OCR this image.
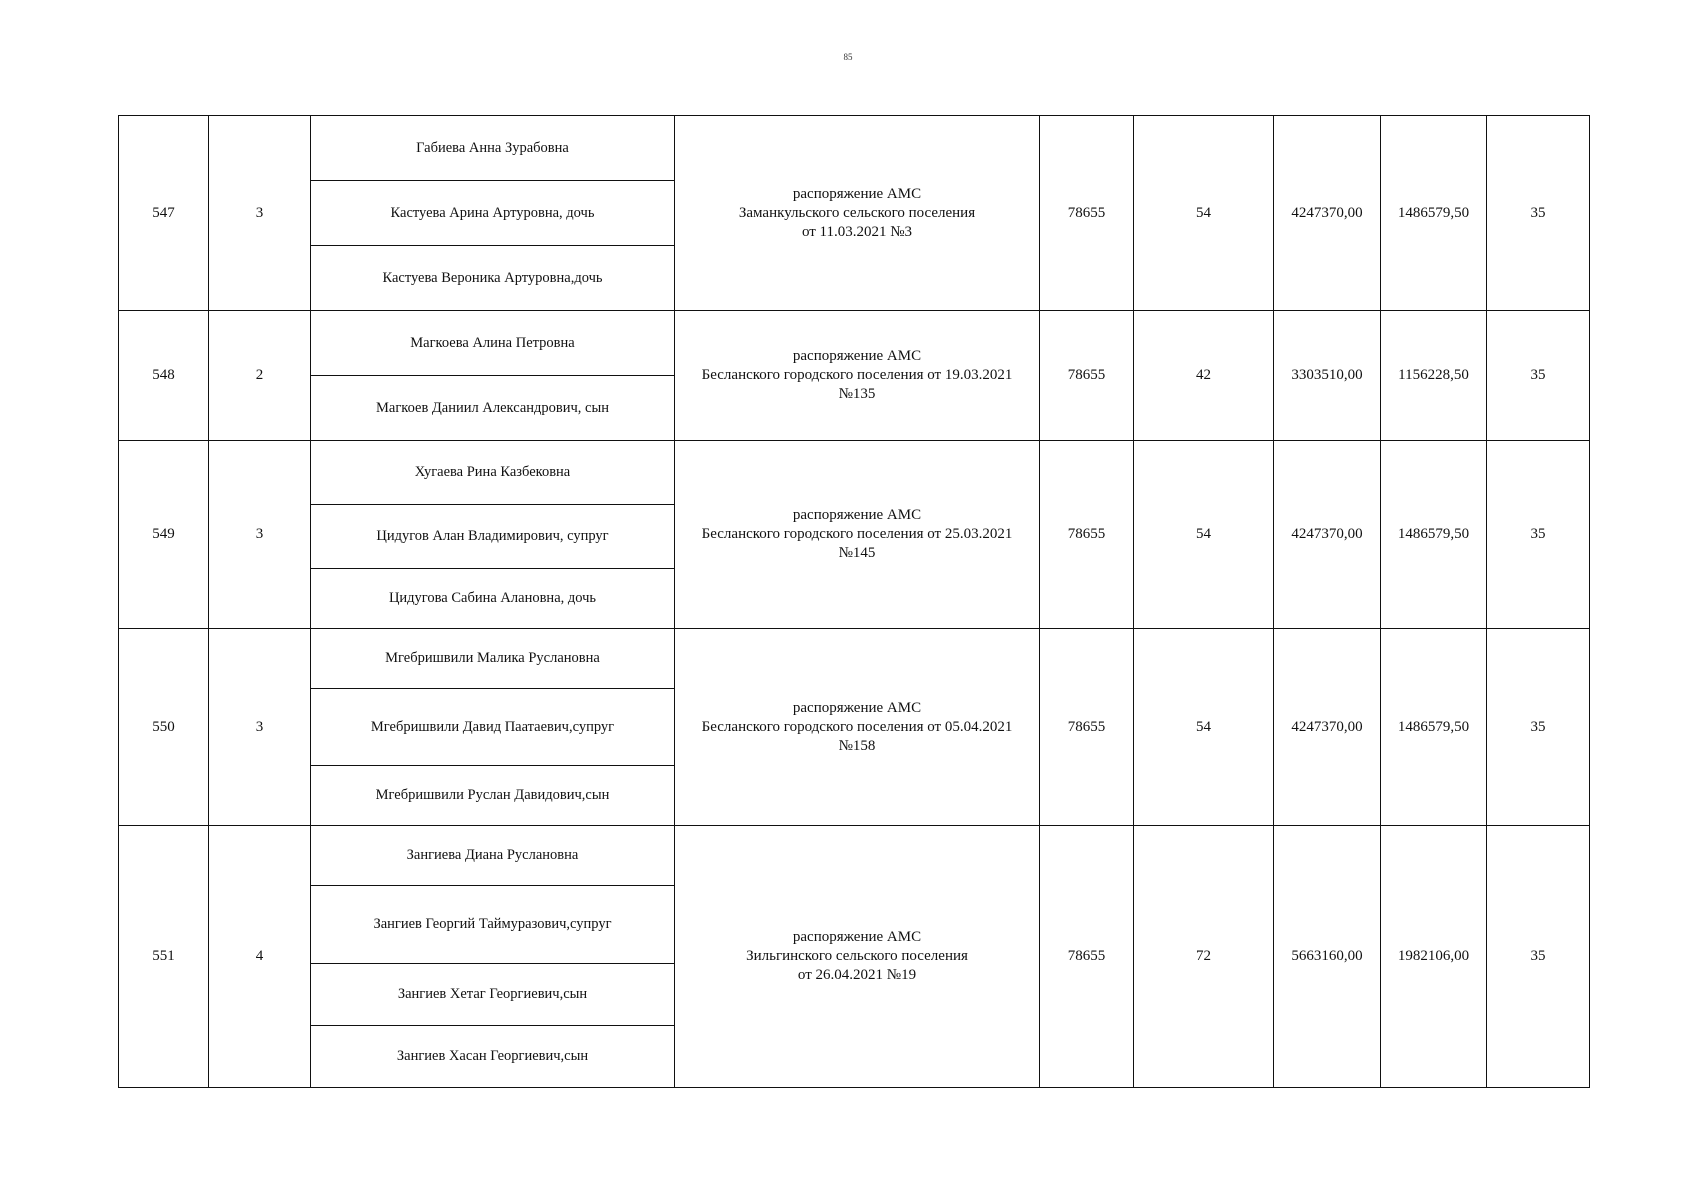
85
547	3	Габиева Анна Зурабовна	распоряжение АМС
Заманкульского сельского поселения
от 11.03.2021 №3	78655	54	4247370,00	1486579,50	35
		Кастуева Арина Артуровна, дочь						
		Кастуева Вероника Артуровна,дочь						
548	2	Магкоева Алина Петровна	распоряжение АМС
Бесланского городского поселения от 19.03.2021
№135	78655	42	3303510,00	1156228,50	35
		Магкоев Даниил Александрович, сын						
549	3	Хугаева Рина Казбековна	распоряжение АМС
Бесланского городского поселения от 25.03.2021
№145	78655	54	4247370,00	1486579,50	35
		Цидугов Алан Владимирович, супруг						
		Цидугова Сабина Алановна, дочь						
550	3	Мгебришвили Малика Руслановна	распоряжение АМС
Бесланского городского поселения от 05.04.2021
№158	78655	54	4247370,00	1486579,50	35
		Мгебришвили Давид Паатаевич,супруг						
		Мгебришвили Руслан Давидович,сын						
551	4	Зангиева Диана Руслановна	распоряжение АМС
Зильгинского сельского поселения
от 26.04.2021 №19	78655	72	5663160,00	1982106,00	35
		Зангиев Георгий Таймуразович,супруг						
		Зангиев Хетаг Георгиевич,сын						
		Зангиев Хасан Георгиевич,сын						
